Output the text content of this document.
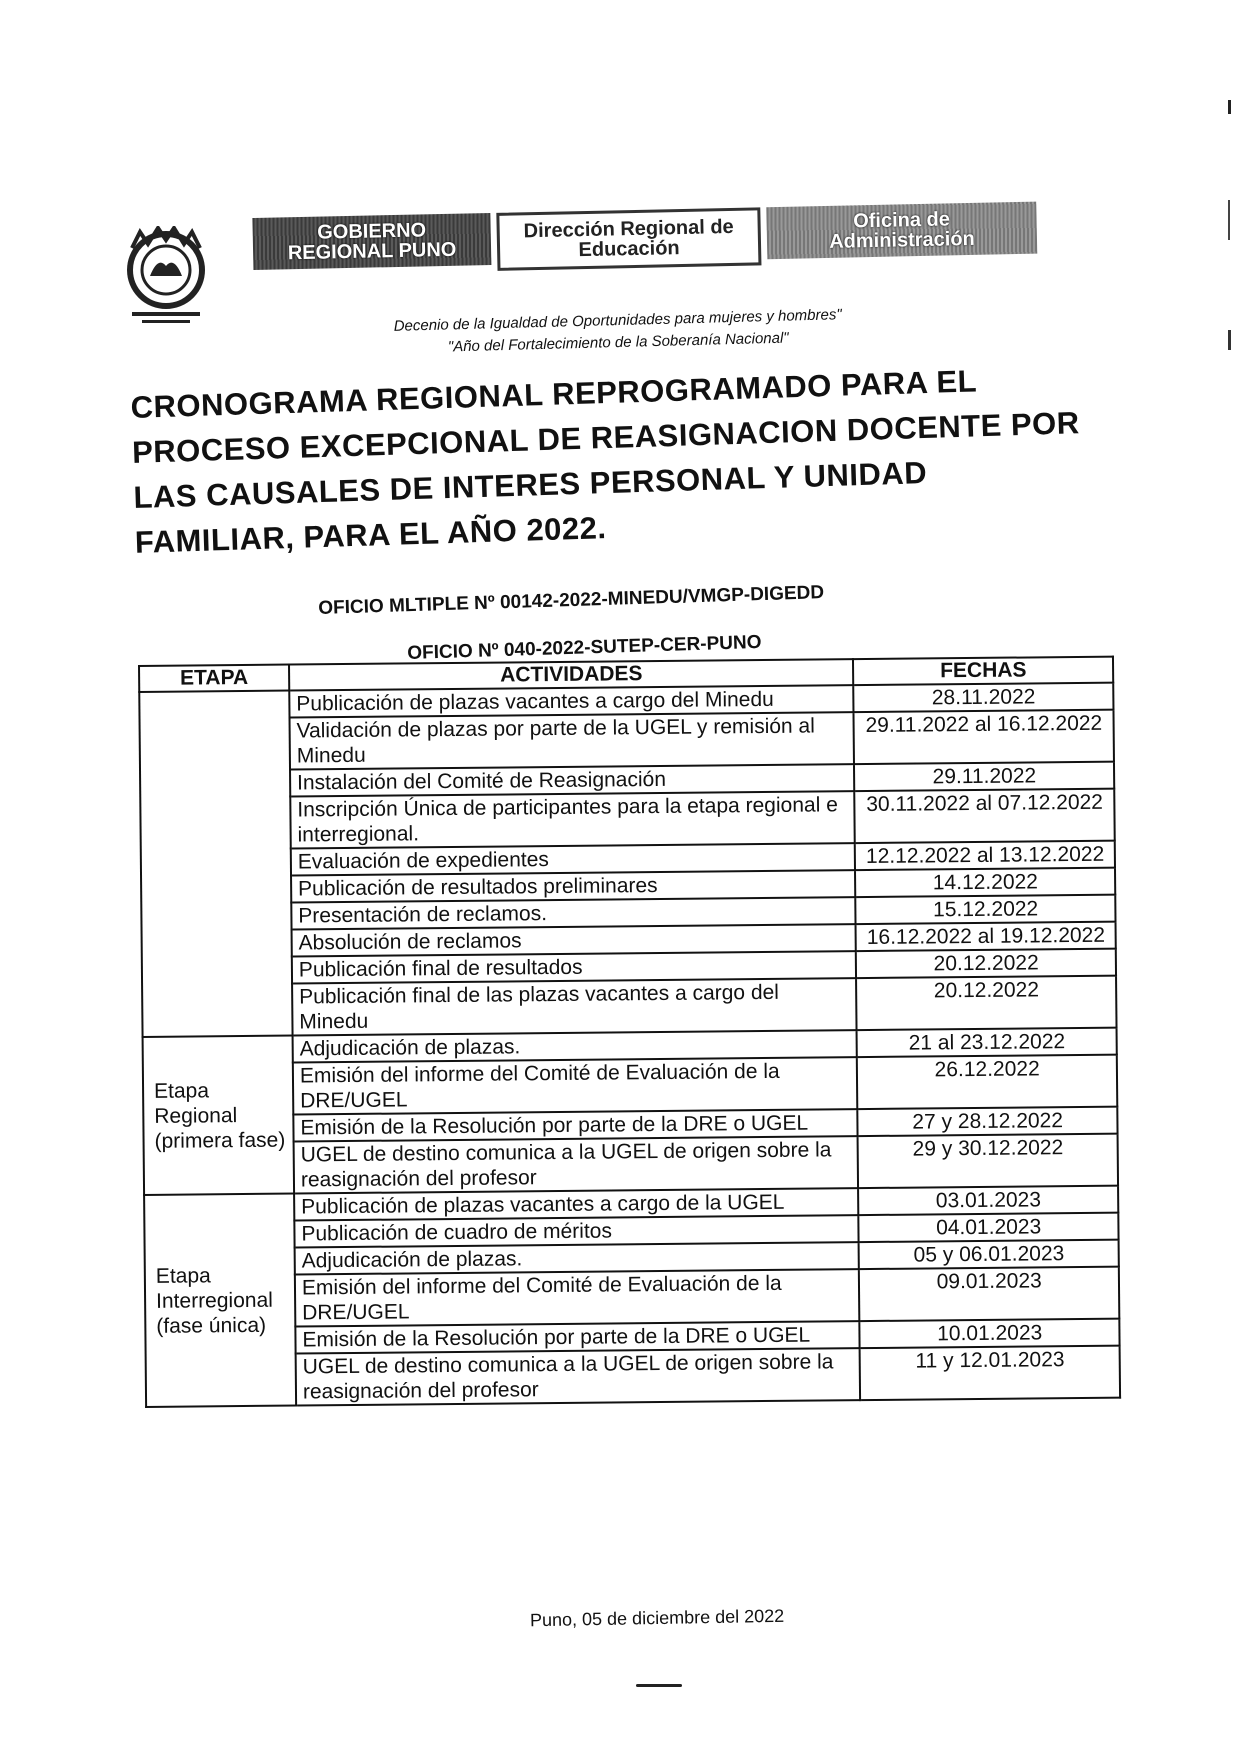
GOBIERNO
REGIONAL PUNO
Dirección Regional de
Educación
Oficina de
Administración
Decenio de la Igualdad de Oportunidades para mujeres y hombres"
"Año del Fortalecimiento de la Soberanía Nacional"
CRONOGRAMA REGIONAL REPROGRAMADO PARA EL PROCESO EXCEPCIONAL DE REASIGNACION DOCENTE POR LAS CAUSALES DE INTERES PERSONAL Y UNIDAD FAMILIAR, PARA EL AÑO 2022.
OFICIO MLTIPLE Nº 00142-2022-MINEDU/VMGP-DIGEDD
OFICIO Nº 040-2022-SUTEP-CER-PUNO
ETAPA	ACTIVIDADES	FECHAS
	Publicación de plazas vacantes a cargo del Minedu	28.11.2022
	Validación de plazas por parte de la UGEL y remisión al Minedu	29.11.2022 al 16.12.2022
	Instalación del Comité de Reasignación	29.11.2022
	Inscripción Única de participantes para la etapa regional e interregional.	30.11.2022 al 07.12.2022
	Evaluación de expedientes	12.12.2022 al 13.12.2022
	Publicación de resultados preliminares	14.12.2022
	Presentación de reclamos.	15.12.2022
	Absolución de reclamos	16.12.2022 al 19.12.2022
	Publicación final de resultados	20.12.2022
	Publicación final de las plazas vacantes a cargo del Minedu	20.12.2022
Etapa Regional (primera fase)	Adjudicación de plazas.	21 al 23.12.2022
	Emisión del informe del Comité de Evaluación de la DRE/UGEL	26.12.2022
	Emisión de la Resolución por parte de la DRE o UGEL	27 y 28.12.2022
	UGEL de destino comunica a la UGEL de origen sobre la reasignación del profesor	29 y 30.12.2022
Etapa Interregional (fase única)	Publicación de plazas vacantes a cargo de la UGEL	03.01.2023
	Publicación de cuadro de méritos	04.01.2023
	Adjudicación de plazas.	05 y 06.01.2023
	Emisión del informe del Comité de Evaluación de la DRE/UGEL	09.01.2023
	Emisión de la Resolución por parte de la DRE o UGEL	10.01.2023
	UGEL de destino comunica a la UGEL de origen sobre la reasignación del profesor	11 y 12.01.2023
Puno, 05 de diciembre del 2022
